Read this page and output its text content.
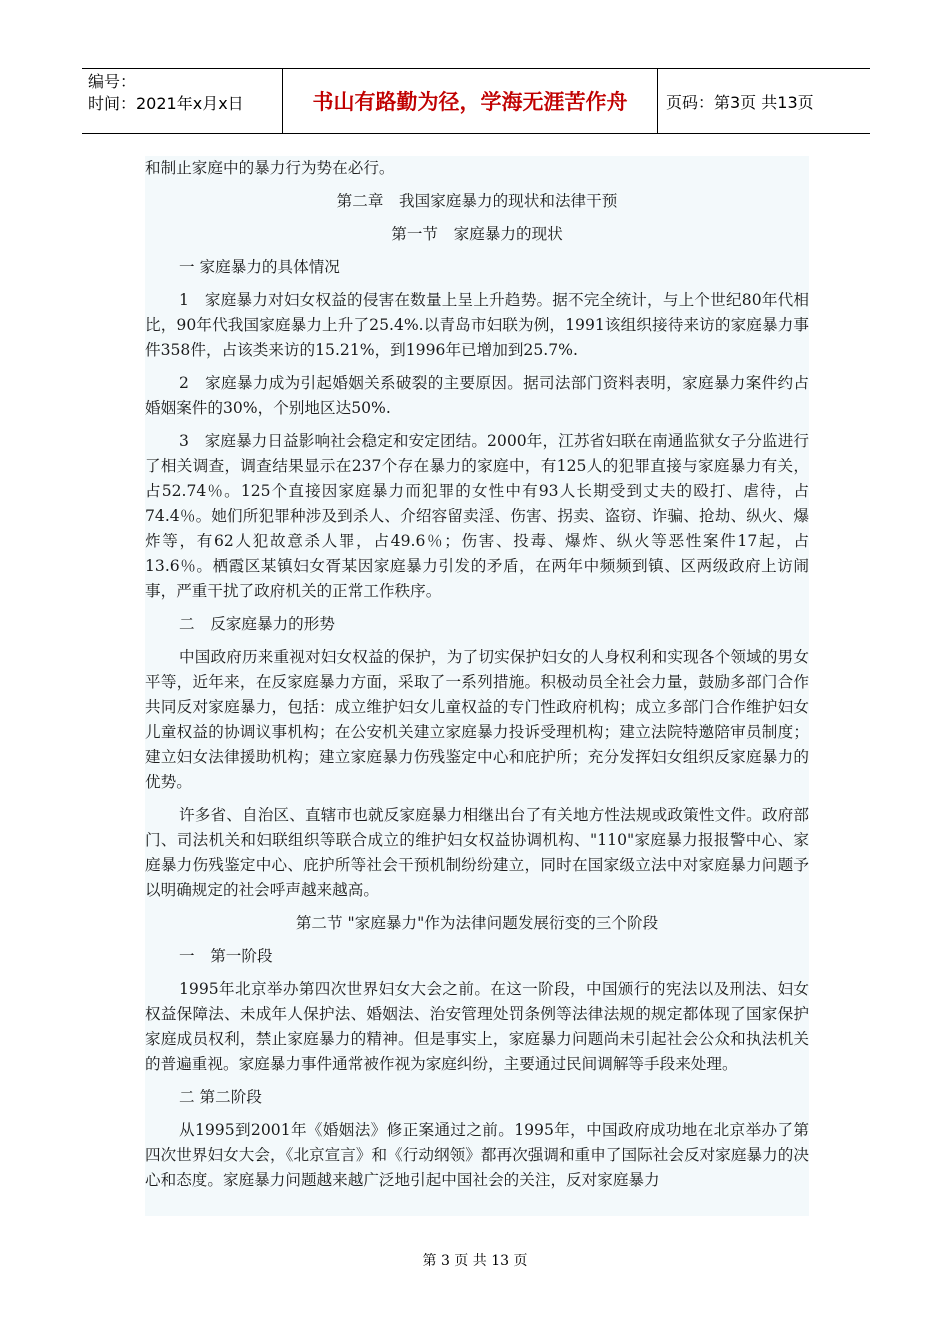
编号：
时间：2021年x月x日	书山有路勤为径，学海无涯苦作舟	页码：第3页 共13页

和制止家庭中的暴力行为势在必行。

第二章　我国家庭暴力的现状和法律干预

第一节　家庭暴力的现状

一 家庭暴力的具体情况

1　家庭暴力对妇女权益的侵害在数量上呈上升趋势。据不完全统计，与上个世纪80年代相比，90年代我国家庭暴力上升了25.4%.以青岛市妇联为例，1991该组织接待来访的家庭暴力事件358件，占该类来访的15.21%，到1996年已增加到25.7%.

2　家庭暴力成为引起婚姻关系破裂的主要原因。据司法部门资料表明，家庭暴力案件约占婚姻案件的30%，个别地区达50%.

3　家庭暴力日益影响社会稳定和安定团结。2000年，江苏省妇联在南通监狱女子分监进行了相关调查，调查结果显示在237个存在暴力的家庭中，有125人的犯罪直接与家庭暴力有关，占52.74％。125个直接因家庭暴力而犯罪的女性中有93人长期受到丈夫的殴打、虐待，占74.4％。她们所犯罪种涉及到杀人、介绍容留卖淫、伤害、拐卖、盗窃、诈骗、抢劫、纵火、爆炸等，有62人犯故意杀人罪，占49.6％；伤害、投毒、爆炸、纵火等恶性案件17起，占13.6％。栖霞区某镇妇女胥某因家庭暴力引发的矛盾，在两年中频频到镇、区两级政府上访闹事，严重干扰了政府机关的正常工作秩序。

二　反家庭暴力的形势

中国政府历来重视对妇女权益的保护，为了切实保护妇女的人身权利和实现各个领域的男女平等，近年来，在反家庭暴力方面，采取了一系列措施。积极动员全社会力量，鼓励多部门合作共同反对家庭暴力，包括：成立维护妇女儿童权益的专门性政府机构；成立多部门合作维护妇女儿童权益的协调议事机构；在公安机关建立家庭暴力投诉受理机构；建立法院特邀陪审员制度；建立妇女法律援助机构；建立家庭暴力伤残鉴定中心和庇护所；充分发挥妇女组织反家庭暴力的优势。

许多省、自治区、直辖市也就反家庭暴力相继出台了有关地方性法规或政策性文件。政府部门、司法机关和妇联组织等联合成立的维护妇女权益协调机构、"110"家庭暴力报报警中心、家庭暴力伤残鉴定中心、庇护所等社会干预机制纷纷建立，同时在国家级立法中对家庭暴力问题予以明确规定的社会呼声越来越高。

第二节 "家庭暴力"作为法律问题发展衍变的三个阶段

一　第一阶段

1995年北京举办第四次世界妇女大会之前。在这一阶段，中国颁行的宪法以及刑法、妇女权益保障法、未成年人保护法、婚姻法、治安管理处罚条例等法律法规的规定都体现了国家保护家庭成员权利，禁止家庭暴力的精神。但是事实上，家庭暴力问题尚未引起社会公众和执法机关的普遍重视。家庭暴力事件通常被作视为家庭纠纷，主要通过民间调解等手段来处理。

二 第二阶段

从1995到2001年《婚姻法》修正案通过之前。1995年，中国政府成功地在北京举办了第四次世界妇女大会，《北京宣言》和《行动纲领》都再次强调和重申了国际社会反对家庭暴力的决心和态度。家庭暴力问题越来越广泛地引起中国社会的关注，反对家庭暴力

第 3 页 共 13 页
